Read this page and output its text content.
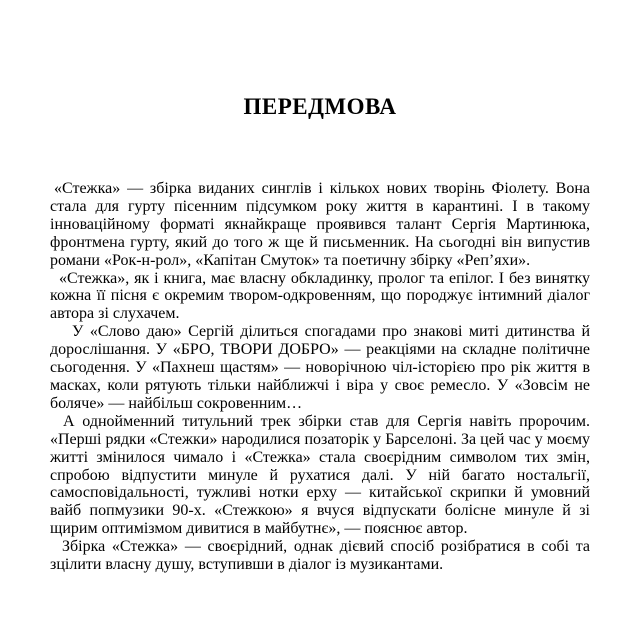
ПЕРЕДМОВА

«Стежка» — збірка виданих синглів і кількох нових творінь Фіолету. Вона стала для гурту пісенним підсумком року життя в карантині. І в такому інноваційному форматі якнайкраще проявився талант Сергія Мартинюка, фронтмена гурту, який до того ж ще й письменник. На сьогодні він випустив романи «Рок-н-рол», «Капітан Смуток» та поетичну збірку «Реп’яхи».

«Стежка», як і книга, має власну обкладинку, пролог та епілог. І без винятку кожна її пісня є окремим твором-одкровенням, що породжує інтимний діалог автора зі слухачем.

У «Слово даю» Сергій ділиться спогадами про знакові миті дитинства й дорослішання. У «БРО, ТВОРИ ДОБРО» — реакціями на складне політичне сьогодення. У «Пахнеш щастям» — новорічною чіл-історією про рік життя в масках, коли рятують тільки найближчі і віра у своє ремесло. У «Зовсім не боляче» — найбільш сокровенним…

А однойменний титульний трек збірки став для Сергія навіть пророчим. «Перші рядки «Стежки» народилися позаторік у Барселоні. За цей час у моєму житті змінилося чимало і «Стежка» стала своєрідним символом тих змін, спробою відпустити минуле й рухатися далі. У ній багато ностальгії, самосповідальності, тужливі нотки ерху — китайської скрипки й умовний вайб попмузики 90-х. «Стежкою» я вчуся відпускати болісне минуле й зі щирим оптимізмом дивитися в майбутнє», — пояснює автор.

Збірка «Стежка» — своєрідний, однак дієвий спосіб розібратися в собі та зцілити власну душу, вступивши в діалог із музикантами.
